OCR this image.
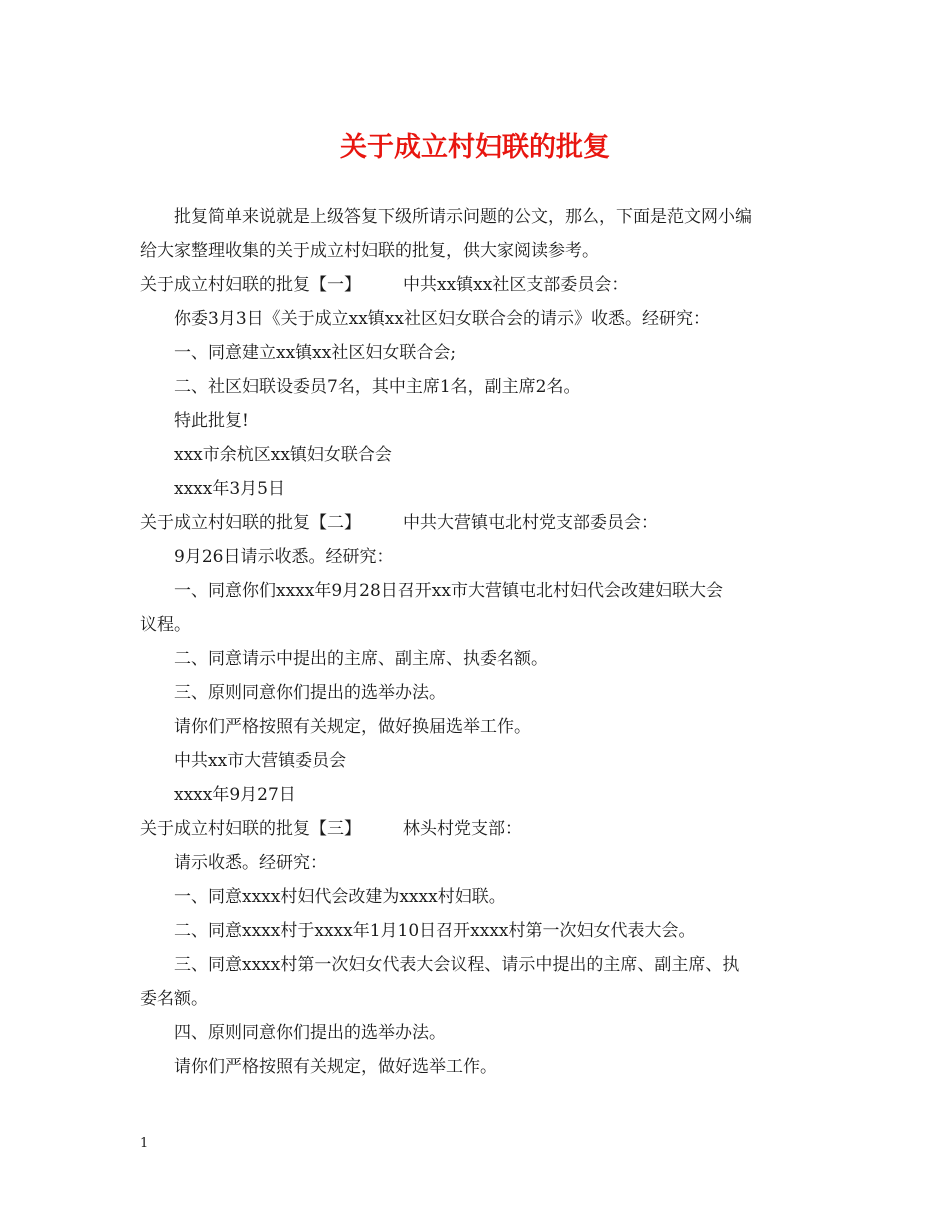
关于成立村妇联的批复

批复简单来说就是上级答复下级所请示问题的公文，那么，下面是范文网小编

给大家整理收集的关于成立村妇联的批复，供大家阅读参考。

关于成立村妇联的批复【一】 中共xx镇xx社区支部委员会：

你委3月3日《关于成立xx镇xx社区妇女联合会的请示》收悉。经研究：

一、同意建立xx镇xx社区妇女联合会;

二、社区妇联设委员7名，其中主席1名，副主席2名。

特此批复!

xxx市余杭区xx镇妇女联合会

xxxx年3月5日

关于成立村妇联的批复【二】 中共大营镇屯北村党支部委员会：

9月26日请示收悉。经研究：

一、同意你们xxxx年9月28日召开xx市大营镇屯北村妇代会改建妇联大会

议程。

二、同意请示中提出的主席、副主席、执委名额。

三、原则同意你们提出的选举办法。

请你们严格按照有关规定，做好换届选举工作。

中共xx市大营镇委员会

xxxx年9月27日

关于成立村妇联的批复【三】 林头村党支部：

请示收悉。经研究：

一、同意xxxx村妇代会改建为xxxx村妇联。

二、同意xxxx村于xxxx年1月10日召开xxxx村第一次妇女代表大会。

三、同意xxxx村第一次妇女代表大会议程、请示中提出的主席、副主席、执

委名额。

四、原则同意你们提出的选举办法。

请你们严格按照有关规定，做好选举工作。

1
